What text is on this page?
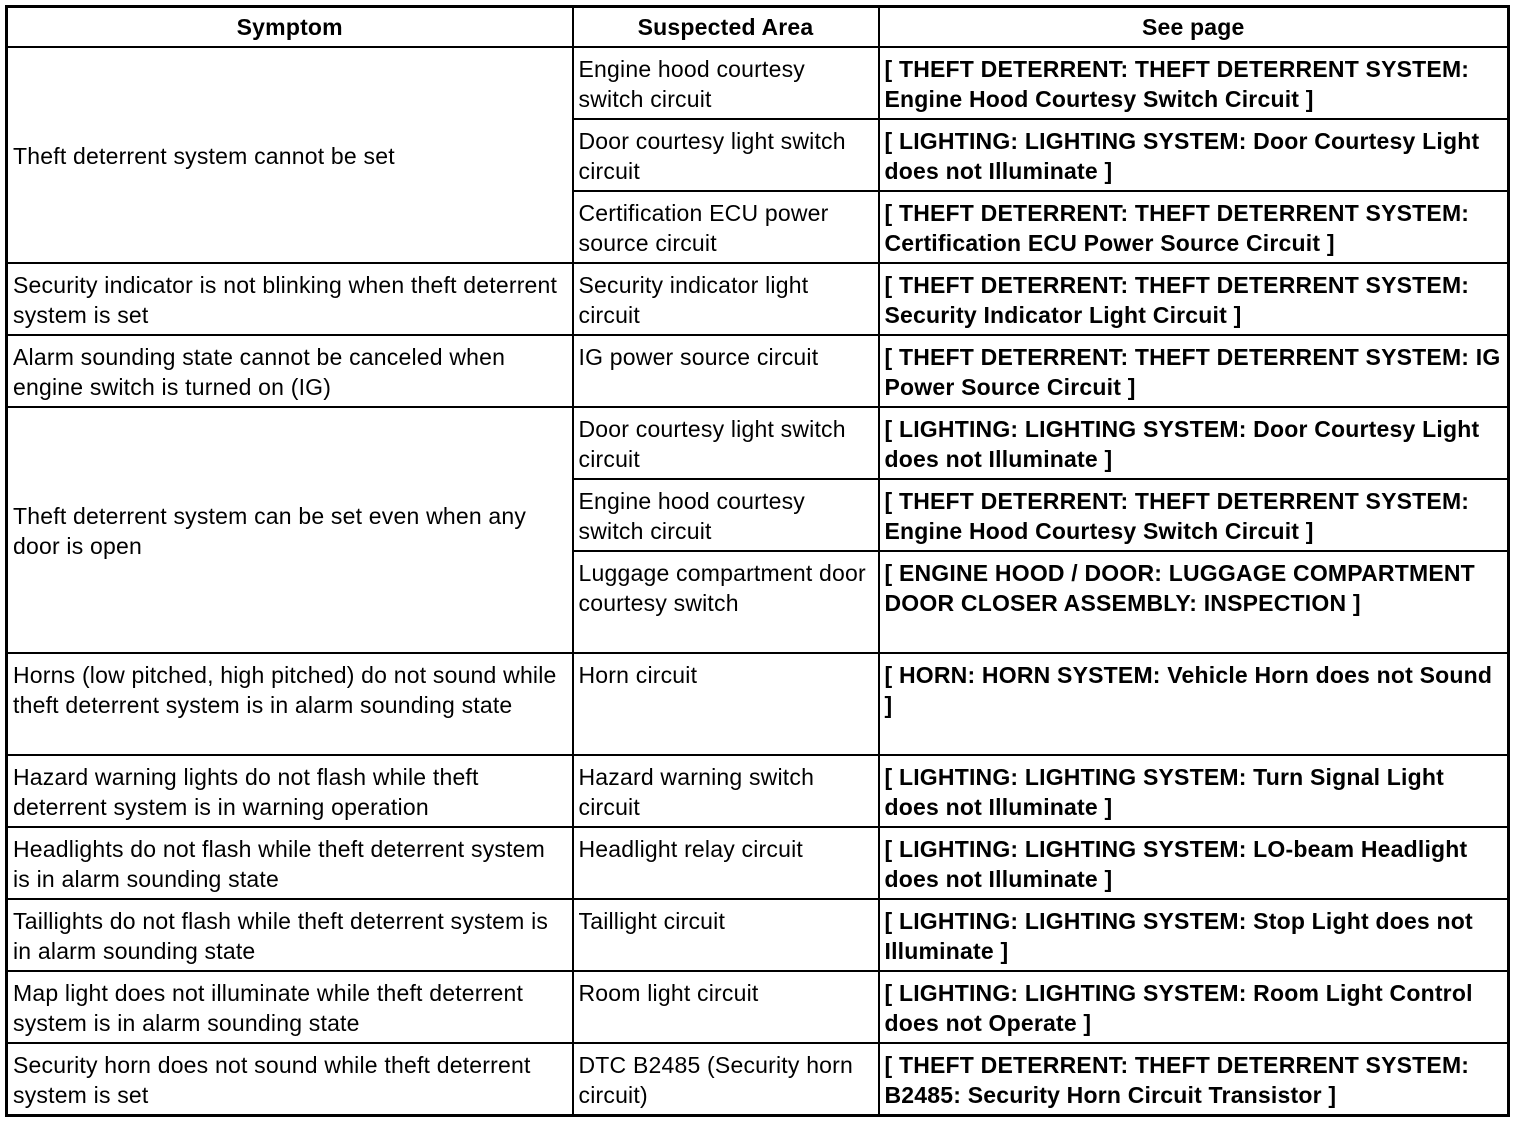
Symptom	Suspected Area	See page
Theft deterrent system cannot be set	Engine hood courtesy switch circuit	[ THEFT DETERRENT: THEFT DETERRENT SYSTEM: Engine Hood Courtesy Switch Circuit ]
	Door courtesy light switch circuit	[ LIGHTING: LIGHTING SYSTEM: Door Courtesy Light does not Illuminate ]
	Certification ECU power source circuit	[ THEFT DETERRENT: THEFT DETERRENT SYSTEM: Certification ECU Power Source Circuit ]
Security indicator is not blinking when theft deterrent system is set	Security indicator light circuit	[ THEFT DETERRENT: THEFT DETERRENT SYSTEM: Security Indicator Light Circuit ]
Alarm sounding state cannot be canceled when engine switch is turned on (IG)	IG power source circuit	[ THEFT DETERRENT: THEFT DETERRENT SYSTEM: IG Power Source Circuit ]
Theft deterrent system can be set even when any door is open	Door courtesy light switch circuit	[ LIGHTING: LIGHTING SYSTEM: Door Courtesy Light does not Illuminate ]
	Engine hood courtesy switch circuit	[ THEFT DETERRENT: THEFT DETERRENT SYSTEM: Engine Hood Courtesy Switch Circuit ]
	Luggage compartment door courtesy switch	[ ENGINE HOOD / DOOR: LUGGAGE COMPARTMENT DOOR CLOSER ASSEMBLY: INSPECTION ]
Horns (low pitched, high pitched) do not sound while theft deterrent system is in alarm sounding state	Horn circuit	[ HORN: HORN SYSTEM: Vehicle Horn does not Sound ]
Hazard warning lights do not flash while theft deterrent system is in warning operation	Hazard warning switch circuit	[ LIGHTING: LIGHTING SYSTEM: Turn Signal Light does not Illuminate ]
Headlights do not flash while theft deterrent system is in alarm sounding state	Headlight relay circuit	[ LIGHTING: LIGHTING SYSTEM: LO-beam Headlight does not Illuminate ]
Taillights do not flash while theft deterrent system is in alarm sounding state	Taillight circuit	[ LIGHTING: LIGHTING SYSTEM: Stop Light does not Illuminate ]
Map light does not illuminate while theft deterrent system is in alarm sounding state	Room light circuit	[ LIGHTING: LIGHTING SYSTEM: Room Light Control does not Operate ]
Security horn does not sound while theft deterrent system is set	DTC B2485 (Security horn circuit)	[ THEFT DETERRENT: THEFT DETERRENT SYSTEM: B2485: Security Horn Circuit Transistor ]
